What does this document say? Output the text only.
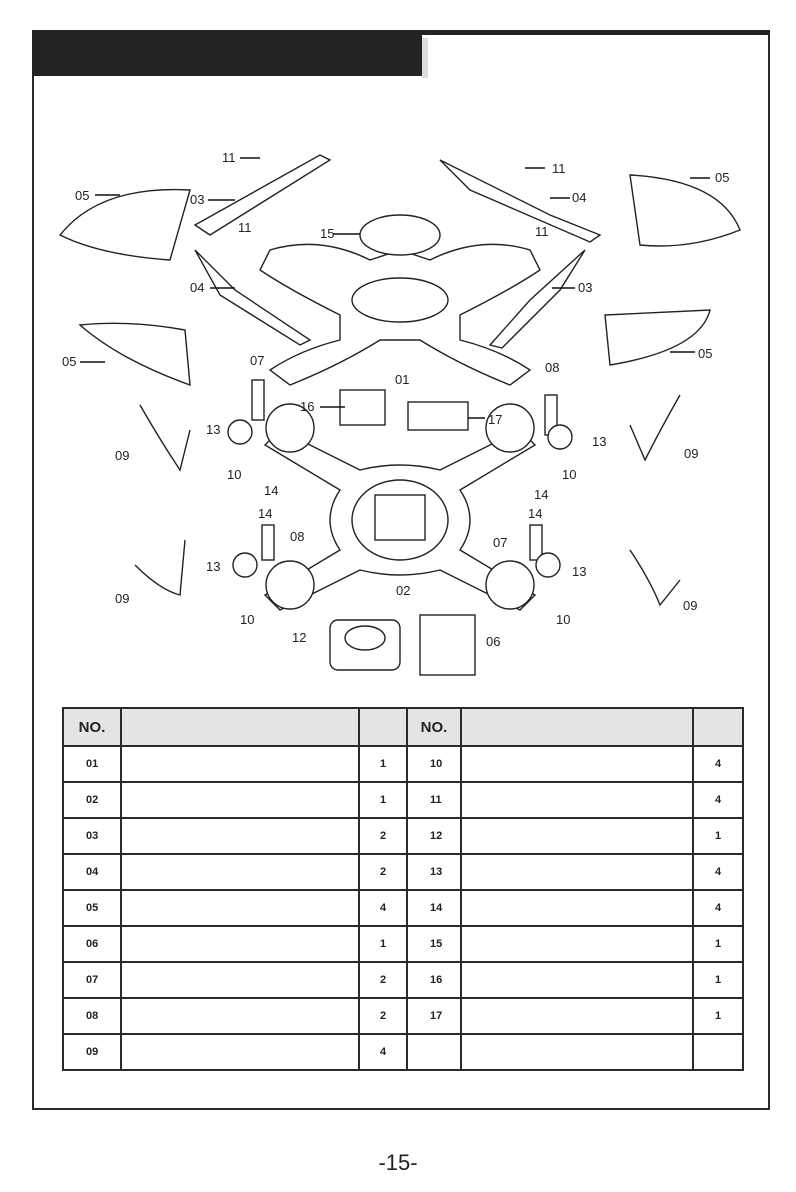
11
11
11	11
03
03
04
04
05
05
05
05
15
01
07	08
16
17
13
13
13	13
09	09
09	09
10	10
10	10
14	14
14	14
08	07
02
12	06
NO.			NO.		
01		1	10		4
02		1	11		4
03		2	12		1
04		2	13		4
05		4	14		4
06		1	15		1
07		2	16		1
08		2	17		1
09		4			
-15-
